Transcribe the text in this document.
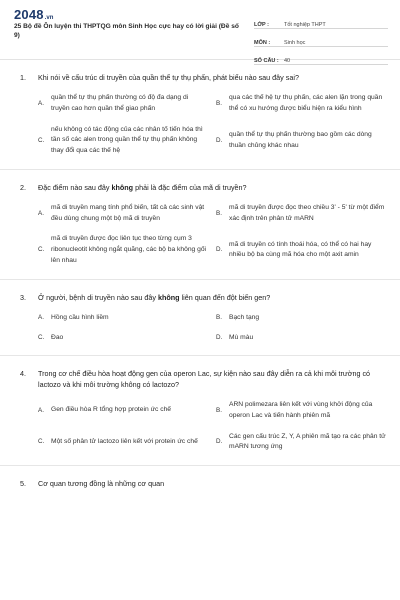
2048.vn
25 Bộ đề Ôn luyện thi THPTQG môn Sinh Học cực hay có lời giải (Đề số 9)
LỚP :	Tốt nghiệp THPT
MÔN :	Sinh học
SỐ CÂU : 40
1.	Khi nói về cấu trúc di truyền của quần thể tự thụ phấn, phát biểu nào sau đây sai?
A.
quần thể tự thụ phấn thường có độ đa dạng di truyền cao hơn quần thể giao phấn
B.
qua các thế hệ tự thụ phấn, các alen lặn trong quần thể có xu hướng được biểu hiện ra kiểu hình
C.
nếu không có tác động của các nhân tố tiến hóa thì tần số các alen trong quần thể tự thụ phấn không thay đổi qua các thế hệ
D.
quần thể tự thụ phấn thường bao gồm các dòng thuần chủng khác nhau
2.	Đặc điểm nào sau đây không phải là đặc điểm của mã di truyền?
A.
mã di truyền mang tính phổ biến, tất cả các sinh vật đều dùng chung một bộ mã di truyền
B.
mã di truyền được đọc theo chiều 3' - 5' từ một điểm xác định trên phân tử mARN
C.
mã di truyền được đọc liên tục theo từng cụm 3 ribonucleotit không ngắt quãng, các bộ ba không gối lên nhau
D.
mã di truyền có tính thoái hóa, có thể có hai hay nhiều bộ ba cùng mã hóa cho một axit amin
3.	Ở người, bệnh di truyền nào sau đây không liên quan đến đột biến gen?
A.	Hồng cầu hình liềm	B.	Bạch tạng
C. Đao	D. Mù màu
4.	Trong cơ chế điều hòa hoạt động gen của operon Lac, sự kiện nào sau đây diễn ra cả khi môi trường có lactozo và khi môi trường không có lactozo?
A.	Gen điều hòa R tổng hợp protein ức chế	B.
ARN polimezara liên kết với vùng khởi động của operon Lac và tiến hành phiên mã
C. Một số phân tử lactozo liên kết với protein ức chế	D.
Các gen cấu trúc Z, Y, A phiên mã tạo ra các phân tử mARN tương ứng
5.	Cơ quan tương đồng là những cơ quan
